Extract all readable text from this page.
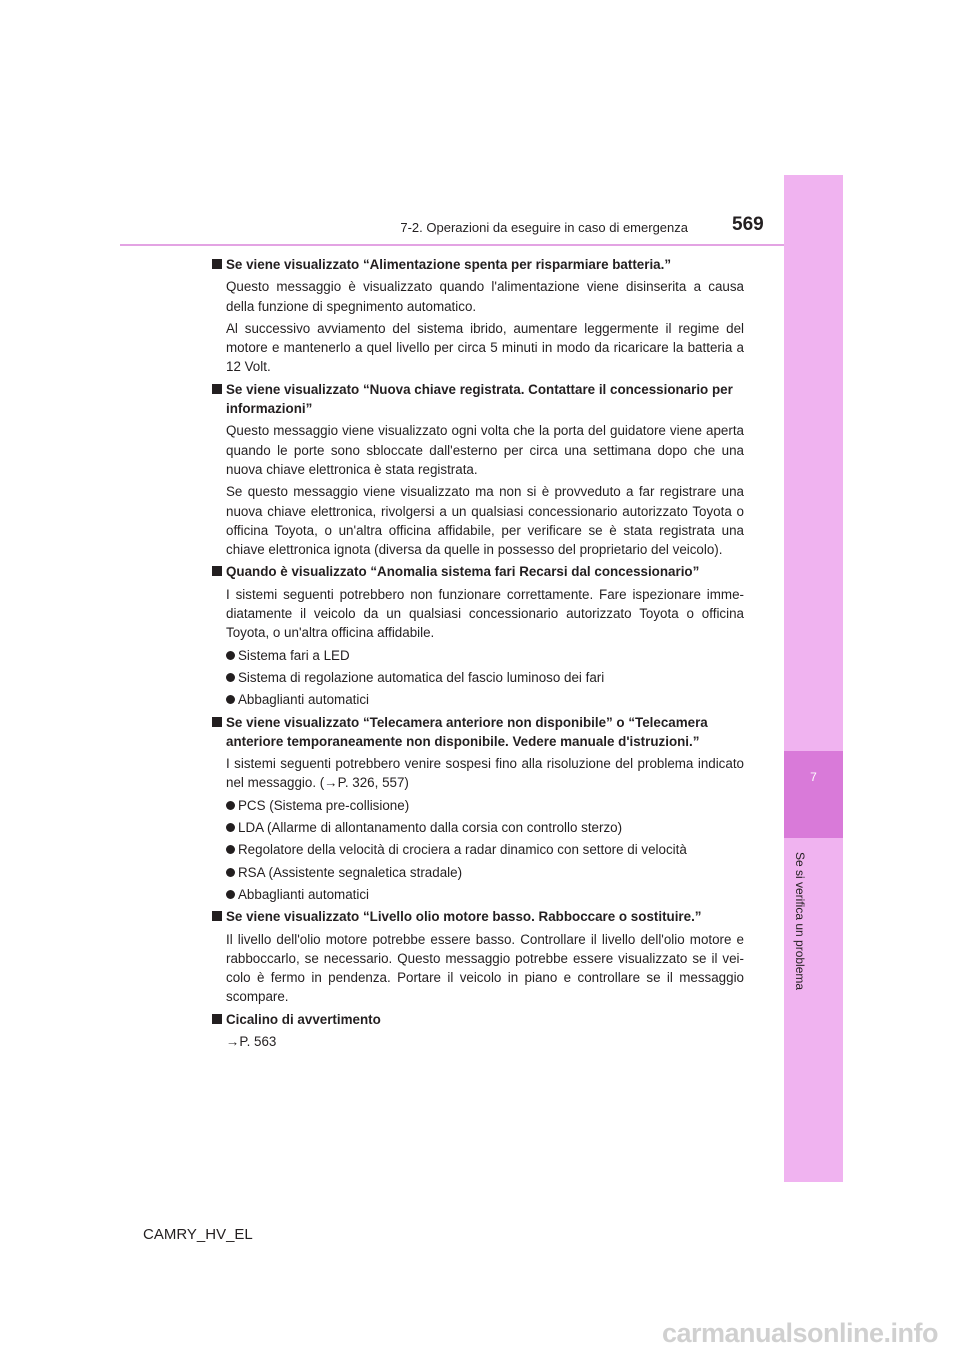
7
Se si verifica un problema
7-2. Operazioni da eseguire in caso di emergenza 569

Se viene visualizzato “Alimentazione spenta per risparmiare batteria.”

Questo messaggio è visualizzato quando l'alimentazione viene disinserita a causa della funzione di spegnimento automatico.

Al successivo avviamento del sistema ibrido, aumentare leggermente il regime del motore e mantenerlo a quel livello per circa 5 minuti in modo da ricaricare la batteria a 12 Volt.

Se viene visualizzato “Nuova chiave registrata. Contattare il concessionario per informazioni”

Questo messaggio viene visualizzato ogni volta che la porta del guidatore viene aperta quando le porte sono sbloccate dall'esterno per circa una settimana dopo che una nuova chiave elettronica è stata registrata.

Se questo messaggio viene visualizzato ma non si è provveduto a far registrare una nuova chiave elettronica, rivolgersi a un qualsiasi concessionario autorizzato Toyota o officina Toyota, o un'altra officina affidabile, per verificare se è stata registrata una chiave elettronica ignota (diversa da quelle in possesso del proprietario del veicolo).

Quando è visualizzato “Anomalia sistema fari Recarsi dal concessionario”

I sistemi seguenti potrebbero non funzionare correttamente. Fare ispezionare imme-diatamente il veicolo da un qualsiasi concessionario autorizzato Toyota o officina Toyota, o un'altra officina affidabile.

Sistema fari a LED

Sistema di regolazione automatica del fascio luminoso dei fari

Abbaglianti automatici

Se viene visualizzato “Telecamera anteriore non disponibile” o “Telecamera anteriore temporaneamente non disponibile. Vedere manuale d'istruzioni.”

I sistemi seguenti potrebbero venire sospesi fino alla risoluzione del problema indicato nel messaggio. (→P. 326, 557)

PCS (Sistema pre-collisione)

LDA (Allarme di allontanamento dalla corsia con controllo sterzo)

Regolatore della velocità di crociera a radar dinamico con settore di velocità

RSA (Assistente segnaletica stradale)

Abbaglianti automatici

Se viene visualizzato “Livello olio motore basso. Rabboccare o sostituire.”

Il livello dell'olio motore potrebbe essere basso. Controllare il livello dell'olio motore e rabboccarlo, se necessario. Questo messaggio potrebbe essere visualizzato se il vei-colo è fermo in pendenza. Portare il veicolo in piano e controllare se il messaggio scompare.

Cicalino di avvertimento

→P. 563

CAMRY_HV_EL
carmanualsonline.info
